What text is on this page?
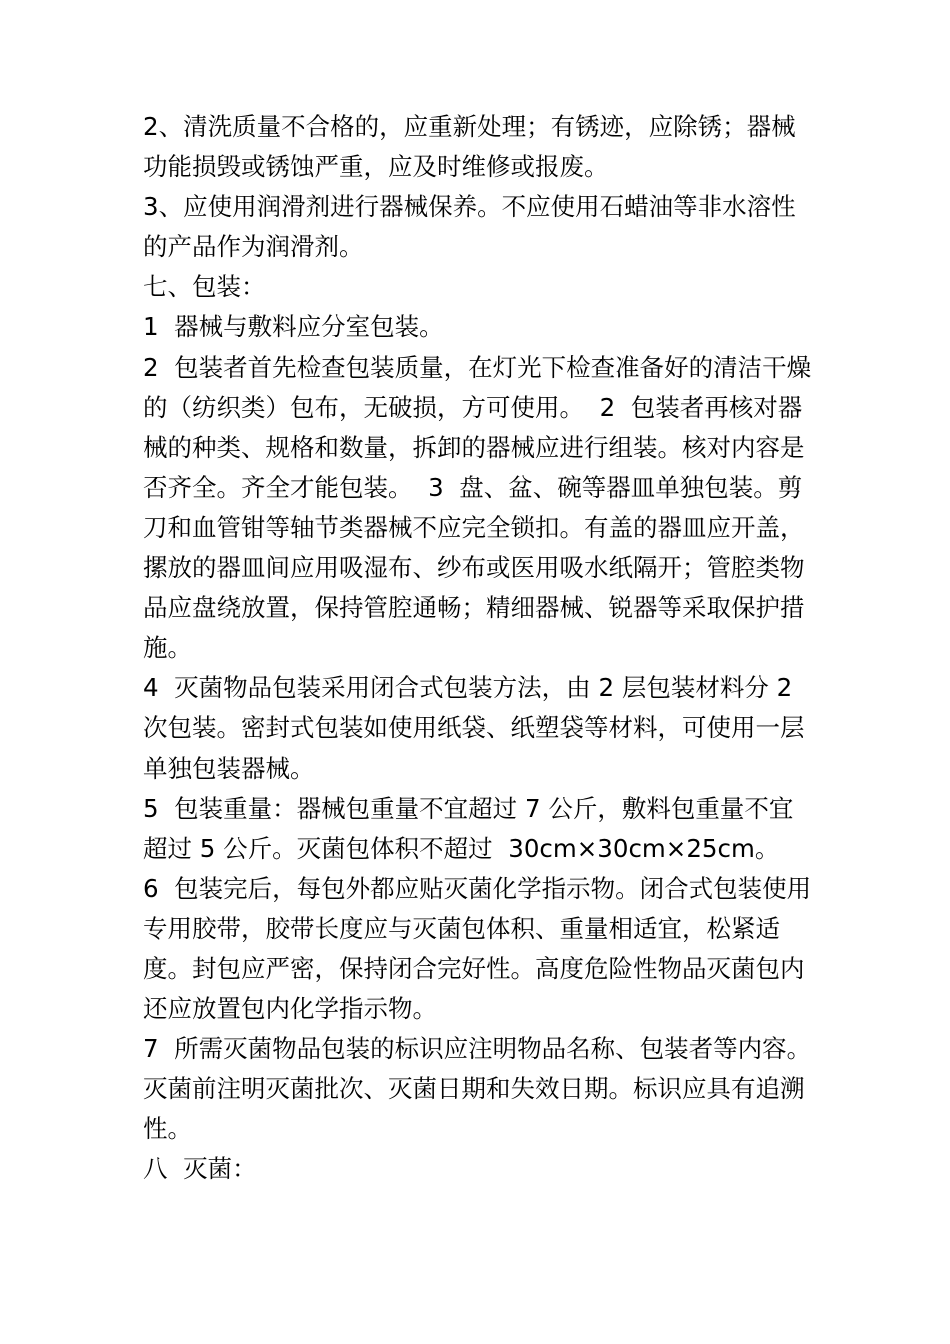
2、清洗质量不合格的，应重新处理；有锈迹，应除锈；器械功能损毁或锈蚀严重，应及时维修或报废。

3、应使用润滑剂进行器械保养。不应使用石蜡油等非水溶性的产品作为润滑剂。

七、包装：

1  器械与敷料应分室包装。

2  包装者首先检查包装质量，在灯光下检查准备好的清洁干燥的（纺织类）包布，无破损，方可使用。  2  包装者再核对器械的种类、规格和数量，拆卸的器械应进行组装。核对内容是否齐全。齐全才能包装。  3  盘、盆、碗等器皿单独包装。剪刀和血管钳等轴节类器械不应完全锁扣。有盖的器皿应开盖，摞放的器皿间应用吸湿布、纱布或医用吸水纸隔开；管腔类物品应盘绕放置，保持管腔通畅；精细器械、锐器等采取保护措施。

4  灭菌物品包装采用闭合式包装方法，由 2 层包装材料分 2 次包装。密封式包装如使用纸袋、纸塑袋等材料，可使用一层单独包装器械。

5  包装重量：器械包重量不宜超过 7 公斤，敷料包重量不宜超过 5 公斤。灭菌包体积不超过  30cm×30cm×25cm。

6  包装完后，每包外都应贴灭菌化学指示物。闭合式包装使用专用胶带，胶带长度应与灭菌包体积、重量相适宜，松紧适度。封包应严密，保持闭合完好性。高度危险性物品灭菌包内还应放置包内化学指示物。

7  所需灭菌物品包装的标识应注明物品名称、包装者等内容。灭菌前注明灭菌批次、灭菌日期和失效日期。标识应具有追溯性。

八  灭菌：
